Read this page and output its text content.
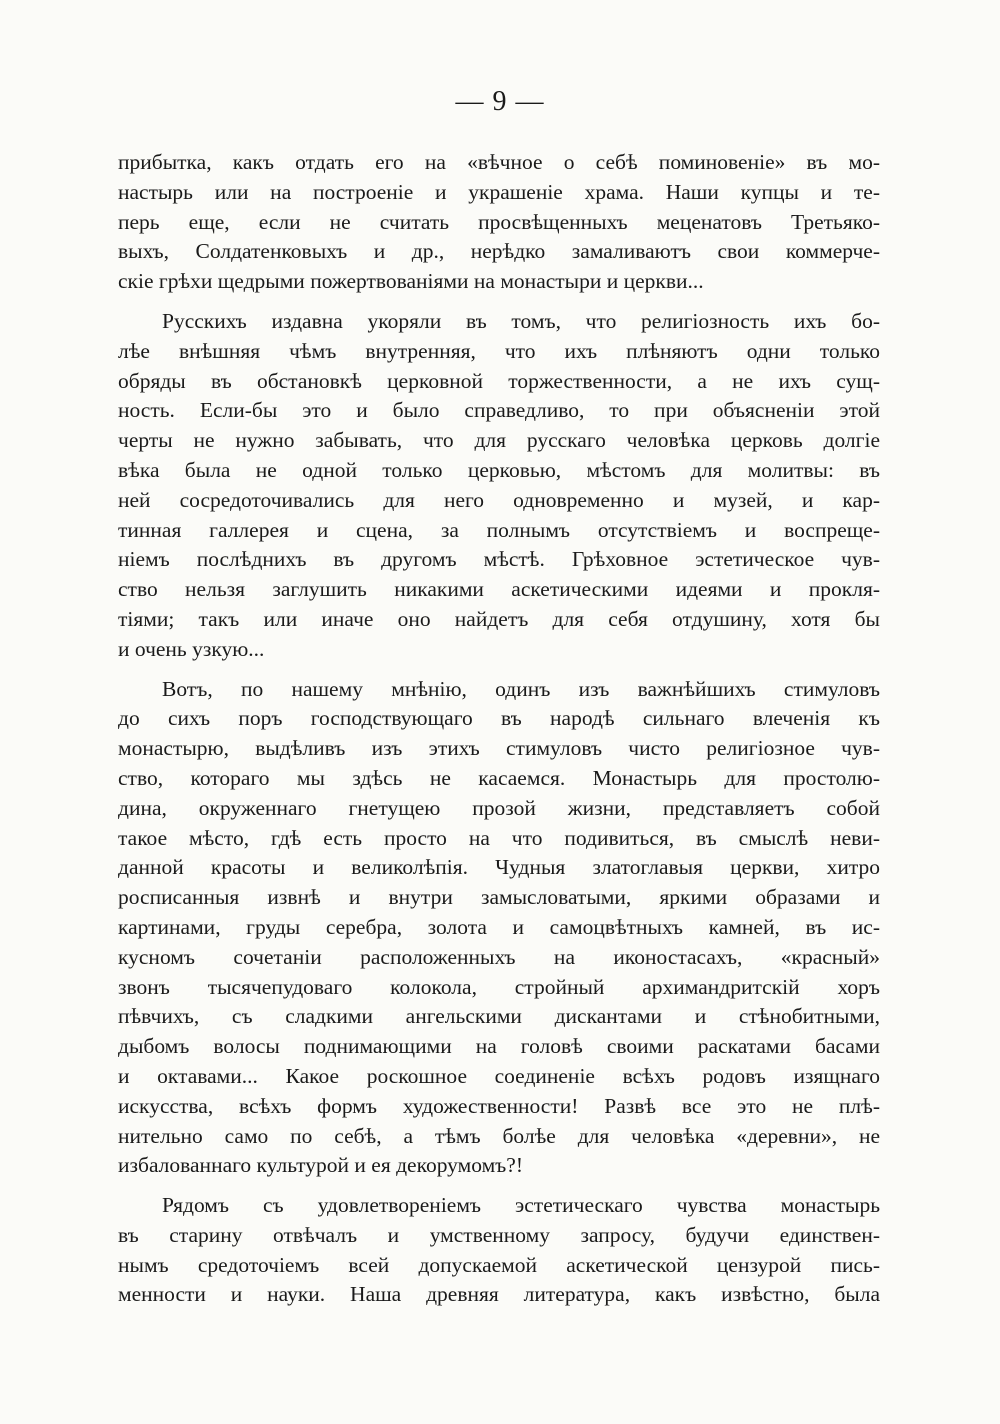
— 9 —
прибытка, какъ отдать его на «вѣчное о себѣ поминовеніе» въ мо-
настырь или на построеніе и украшеніе храма. Наши купцы и те-
перь еще, если не считать просвѣщенныхъ меценатовъ Третьяко-
выхъ, Солдатенковыхъ и др., нерѣдко замаливаютъ свои коммерче-
скіе грѣхи щедрыми пожертвованіями на монастыри и церкви...
Русскихъ издавна укоряли въ томъ, что религіозность ихъ бо-
лѣе внѣшняя чѣмъ внутренняя, что ихъ плѣняютъ одни только
обряды въ обстановкѣ церковной торжественности, а не ихъ сущ-
ность. Если-бы это и было справедливо, то при объясненіи этой
черты не нужно забывать, что для русскаго человѣка церковь долгіе
вѣка была не одной только церковью, мѣстомъ для молитвы: въ
ней сосредоточивались для него одновременно и музей, и кар-
тинная галлерея и сцена, за полнымъ отсутствіемъ и воспреще-
ніемъ послѣднихъ въ другомъ мѣстѣ. Грѣховное эстетическое чув-
ство нельзя заглушить никакими аскетическими идеями и прокля-
тіями; такъ или иначе оно найдетъ для себя отдушину, хотя бы
и очень узкую...
Вотъ, по нашему мнѣнію, одинъ изъ важнѣйшихъ стимуловъ
до сихъ поръ господствующаго въ народѣ сильнаго влеченія къ
монастырю, выдѣливъ изъ этихъ стимуловъ чисто религіозное чув-
ство, котораго мы здѣсь не касаемся. Монастырь для простолю-
дина, окруженнаго гнетущею прозой жизни, представляетъ собой
такое мѣсто, гдѣ есть просто на что подивиться, въ смыслѣ неви-
данной красоты и великолѣпія. Чудныя златоглавыя церкви, хитро
росписанныя извнѣ и внутри замысловатыми, яркими образами и
картинами, груды серебра, золота и самоцвѣтныхъ камней, въ ис-
кусномъ сочетаніи расположенныхъ на иконостасахъ, «красный»
звонъ тысячепудоваго колокола, стройный архимандритскій хоръ
пѣвчихъ, съ сладкими ангельскими дискантами и стѣнобитными,
дыбомъ волосы поднимающими на головѣ своими раскатами басами
и октавами... Какое роскошное соединеніе всѣхъ родовъ изящнаго
искусства, всѣхъ формъ художественности! Развѣ все это не плѣ-
нительно само по себѣ, а тѣмъ болѣе для человѣка «деревни», не
избалованнаго культурой и ея декорумомъ?!
Рядомъ съ удовлетвореніемъ эстетическаго чувства монастырь
въ старину отвѣчалъ и умственному запросу, будучи единствен-
нымъ средоточіемъ всей допускаемой аскетической цензурой пись-
менности и науки. Наша древняя литература, какъ извѣстно, была
